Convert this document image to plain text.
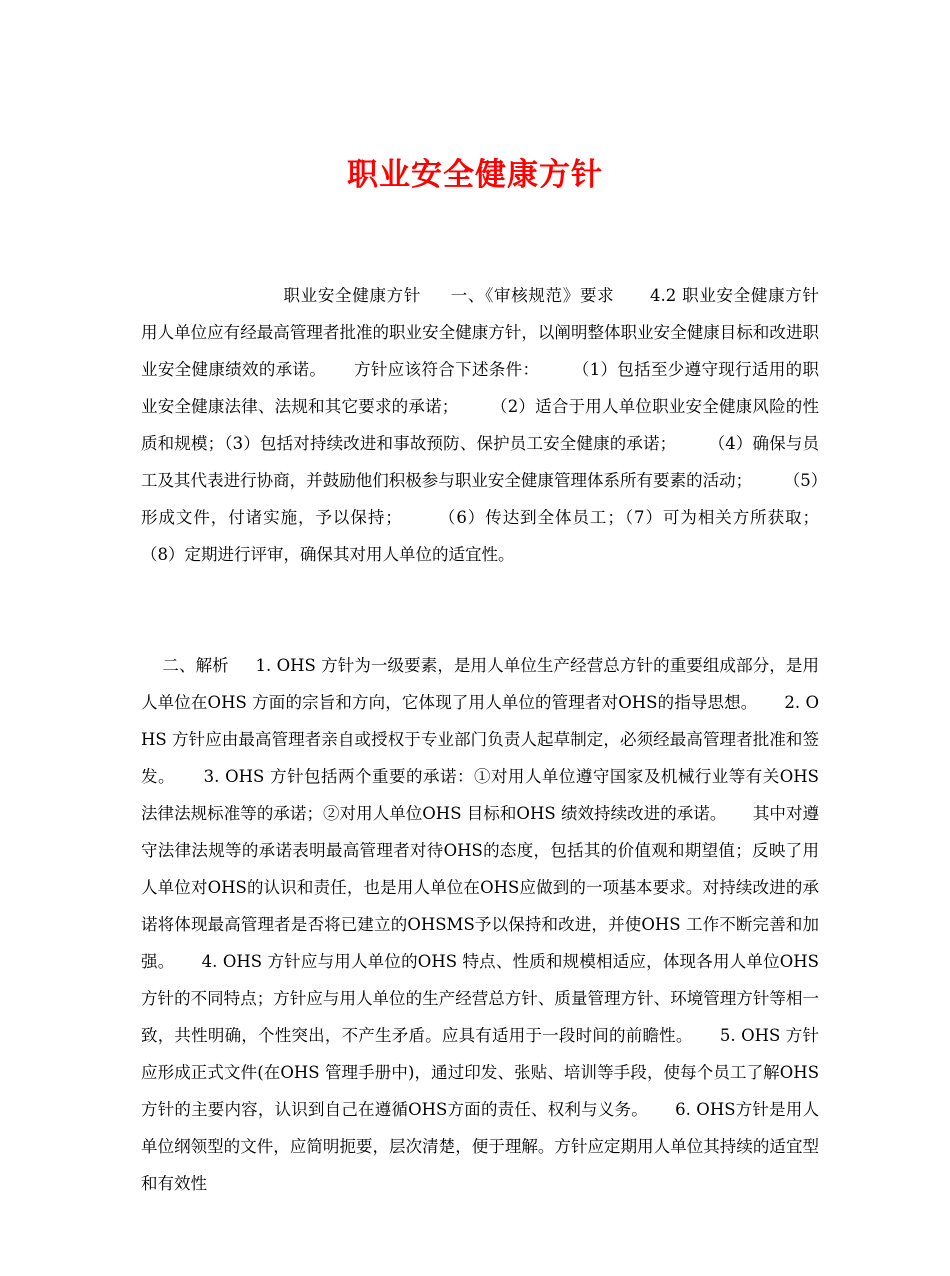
职业安全健康方针

职业安全健康方针     一、《审核规范》要求      4.2 职业安全健康方针      用人单位应有经最高管理者批准的职业安全健康方针，以阐明整体职业安全健康目标和改进职业安全健康绩效的承诺。     方针应该符合下述条件：      （1）包括至少遵守现行适用的职业安全健康法律、法规和其它要求的承诺；      （2）适合于用人单位职业安全健康风险的性质和规模；（3）包括对持续改进和事故预防、保护员工安全健康的承诺；      （4）确保与员工及其代表进行协商，并鼓励他们积极参与职业安全健康管理体系所有要素的活动；      （5）形成文件，付诸实施，予以保持；      （6）传达到全体员工；（7）可为相关方所获取；      （8）定期进行评审，确保其对用人单位的适宜性。

二、解析     1. OHS 方针为一级要素，是用人单位生产经营总方针的重要组成部分，是用人单位在OHS 方面的宗旨和方向，它体现了用人单位的管理者对OHS的指导思想。     2. OHS 方针应由最高管理者亲自或授权于专业部门负责人起草制定，必须经最高管理者批准和签发。     3. OHS 方针包括两个重要的承诺：①对用人单位遵守国家及机械行业等有关OHS 法律法规标准等的承诺；②对用人单位OHS 目标和OHS 绩效持续改进的承诺。     其中对遵守法律法规等的承诺表明最高管理者对待OHS的态度，包括其的价值观和期望值；反映了用人单位对OHS的认识和责任，也是用人单位在OHS应做到的一项基本要求。对持续改进的承诺将体现最高管理者是否将已建立的OHSMS予以保持和改进，并使OHS 工作不断完善和加强。     4. OHS 方针应与用人单位的OHS 特点、性质和规模相适应，体现各用人单位OHS方针的不同特点；方针应与用人单位的生产经营总方针、质量管理方针、环境管理方针等相一致，共性明确，个性突出，不产生矛盾。应具有适用于一段时间的前瞻性。     5. OHS 方针应形成正式文件(在OHS 管理手册中)，通过印发、张贴、培训等手段，使每个员工了解OHS方针的主要内容，认识到自己在遵循OHS方面的责任、权利与义务。     6. OHS方针是用人单位纲领型的文件，应简明扼要，层次清楚，便于理解。方针应定期用人单位其持续的适宜型和有效性
